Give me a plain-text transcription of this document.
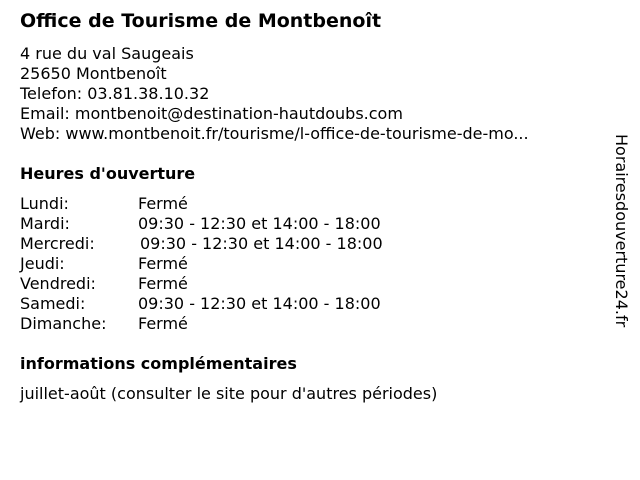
Office de Tourisme de Montbenoît
4 rue du val Saugeais
25650 Montbenoît
Telefon: 03.81.38.10.32
Email: montbenoit@destination-hautdoubs.com
Web: www.montbenoit.fr/tourisme/l-office-de-tourisme-de-mo...
Heures d'ouverture
Lundi:	Fermé
Mardi:	09:30 - 12:30 et 14:00 - 18:00
Mercredi:	09:30 - 12:30 et 14:00 - 18:00
Jeudi:	Fermé
Vendredi:	Fermé
Samedi:	09:30 - 12:30 et 14:00 - 18:00
Dimanche: Fermé
informations complémentaires
juillet-août (consulter le site pour d'autres périodes)
Horairesdouverture24.fr
